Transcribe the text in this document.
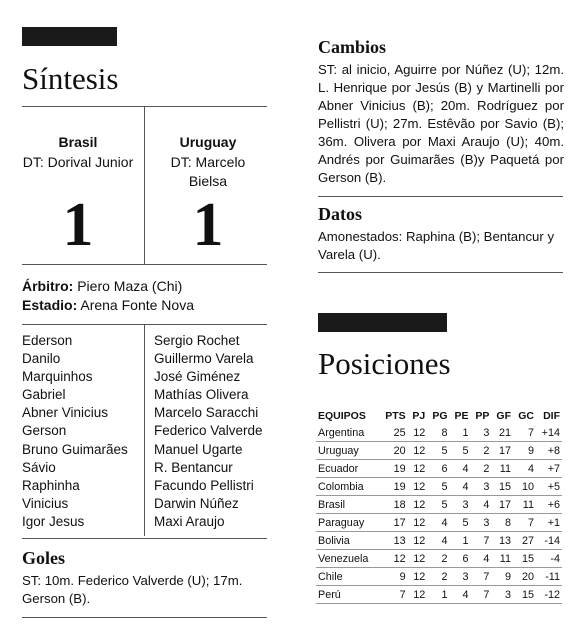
Síntesis
Brasil
DT: Dorival Junior
Uruguay
DT: Marcelo Bielsa
1	1
Árbitro: Piero Maza (Chi)
Estadio: Arena Fonte Nova
Ederson
Danilo
Marquinhos
Gabriel
Abner Vinicius
Gerson
Bruno Guimarães
Sávio
Raphinha
Vinicius
Igor Jesus
Sergio Rochet
Guillermo Varela
José Giménez
Mathías Olivera
Marcelo Saracchi
Federico Valverde
Manuel Ugarte
R. Bentancur
Facundo Pellistri
Darwin Núñez
Maxi Araujo
Goles
ST: 10m. Federico Valverde (U); 17m. Gerson (B).
Cambios
ST: al inicio, Aguirre por Núñez (U); 12m. L. Henrique por Jesús (B) y Martinelli por Abner Vinicius (B); 20m. Rodríguez por Pellistri (U); 27m. Estêvão por Savio (B); 36m. Olivera por Maxi Araujo (U); 40m. Andrés por Guimarães (B)y Paquetá por Gerson (B).
Datos
Amonestados: Raphina (B); Bentancur y Varela (U).
Posiciones
EQUIPOS	PTS	PJ	PG	PE	PP	GF	GC	DIF
Argentina	25	12	8	1	3	21	7	+14
Uruguay	20	12	5	5	2	17	9	+8
Ecuador	19	12	6	4	2	11	4	+7
Colombia	19	12	5	4	3	15	10	+5
Brasil	18	12	5	3	4	17	11	+6
Paraguay	17	12	4	5	3	8	7	+1
Bolivia	13	12	4	1	7	13	27	-14
Venezuela	12	12	2	6	4	11	15	-4
Chile	9	12	2	3	7	9	20	-11
Perú	7	12	1	4	7	3	15	-12
